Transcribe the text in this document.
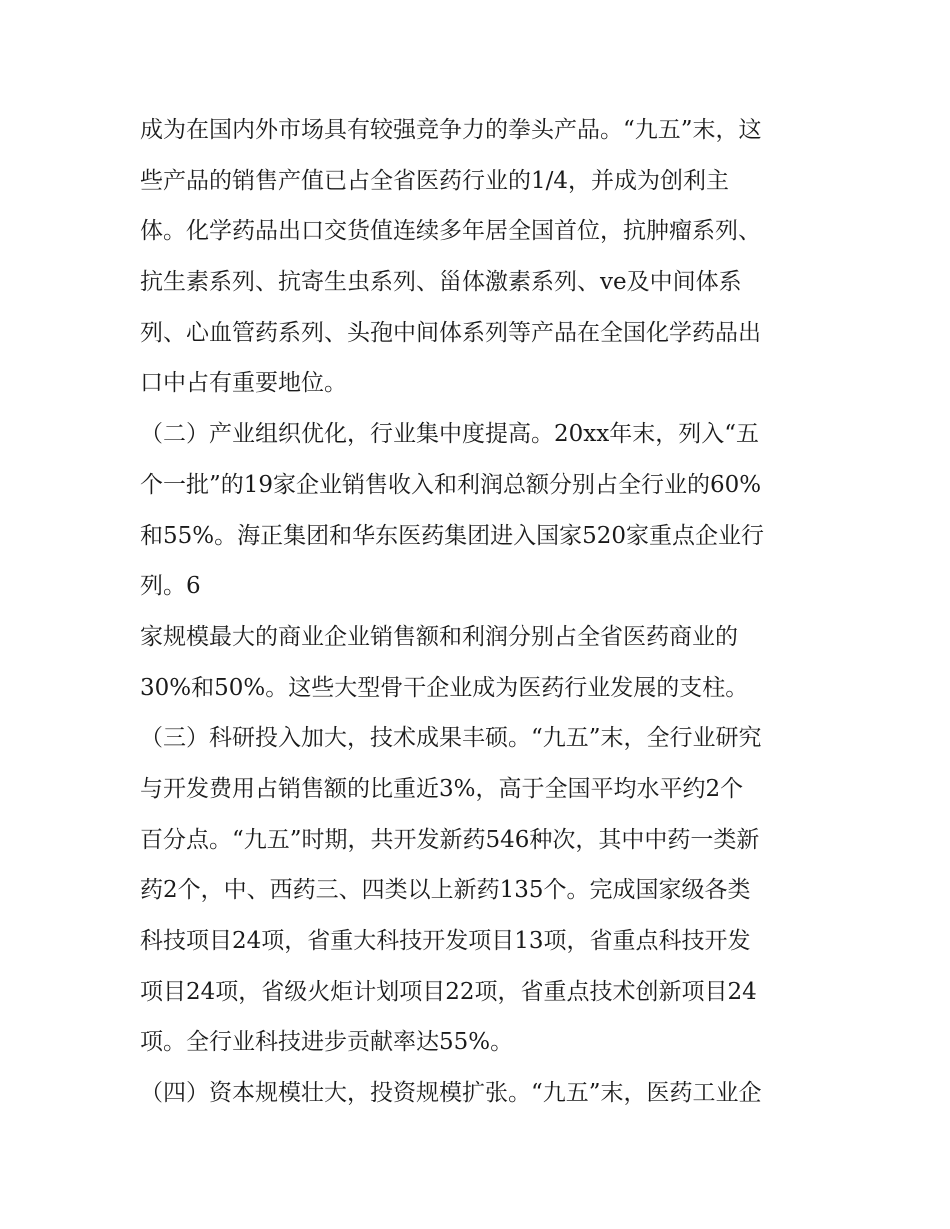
成为在国内外市场具有较强竞争力的拳头产品。“九五”末，这
些产品的销售产值已占全省医药行业的1/4，并成为创利主
体。化学药品出口交货值连续多年居全国首位，抗肿瘤系列、
抗生素系列、抗寄生虫系列、甾体激素系列、ve及中间体系
列、心血管药系列、头孢中间体系列等产品在全国化学药品出
口中占有重要地位。
（二）产业组织优化，行业集中度提高。20xx年末，列入“五
个一批”的19家企业销售收入和利润总额分别占全行业的60%
和55%。海正集团和华东医药集团进入国家520家重点企业行
列。6
家规模最大的商业企业销售额和利润分别占全省医药商业的
30%和50%。这些大型骨干企业成为医药行业发展的支柱。
（三）科研投入加大，技术成果丰硕。“九五”末，全行业研究
与开发费用占销售额的比重近3%，高于全国平均水平约2个
百分点。“九五”时期，共开发新药546种次，其中中药一类新
药2个，中、西药三、四类以上新药135个。完成国家级各类
科技项目24项，省重大科技开发项目13项，省重点科技开发
项目24项，省级火炬计划项目22项，省重点技术创新项目24
项。全行业科技进步贡献率达55%。
（四）资本规模壮大，投资规模扩张。“九五”末，医药工业企
